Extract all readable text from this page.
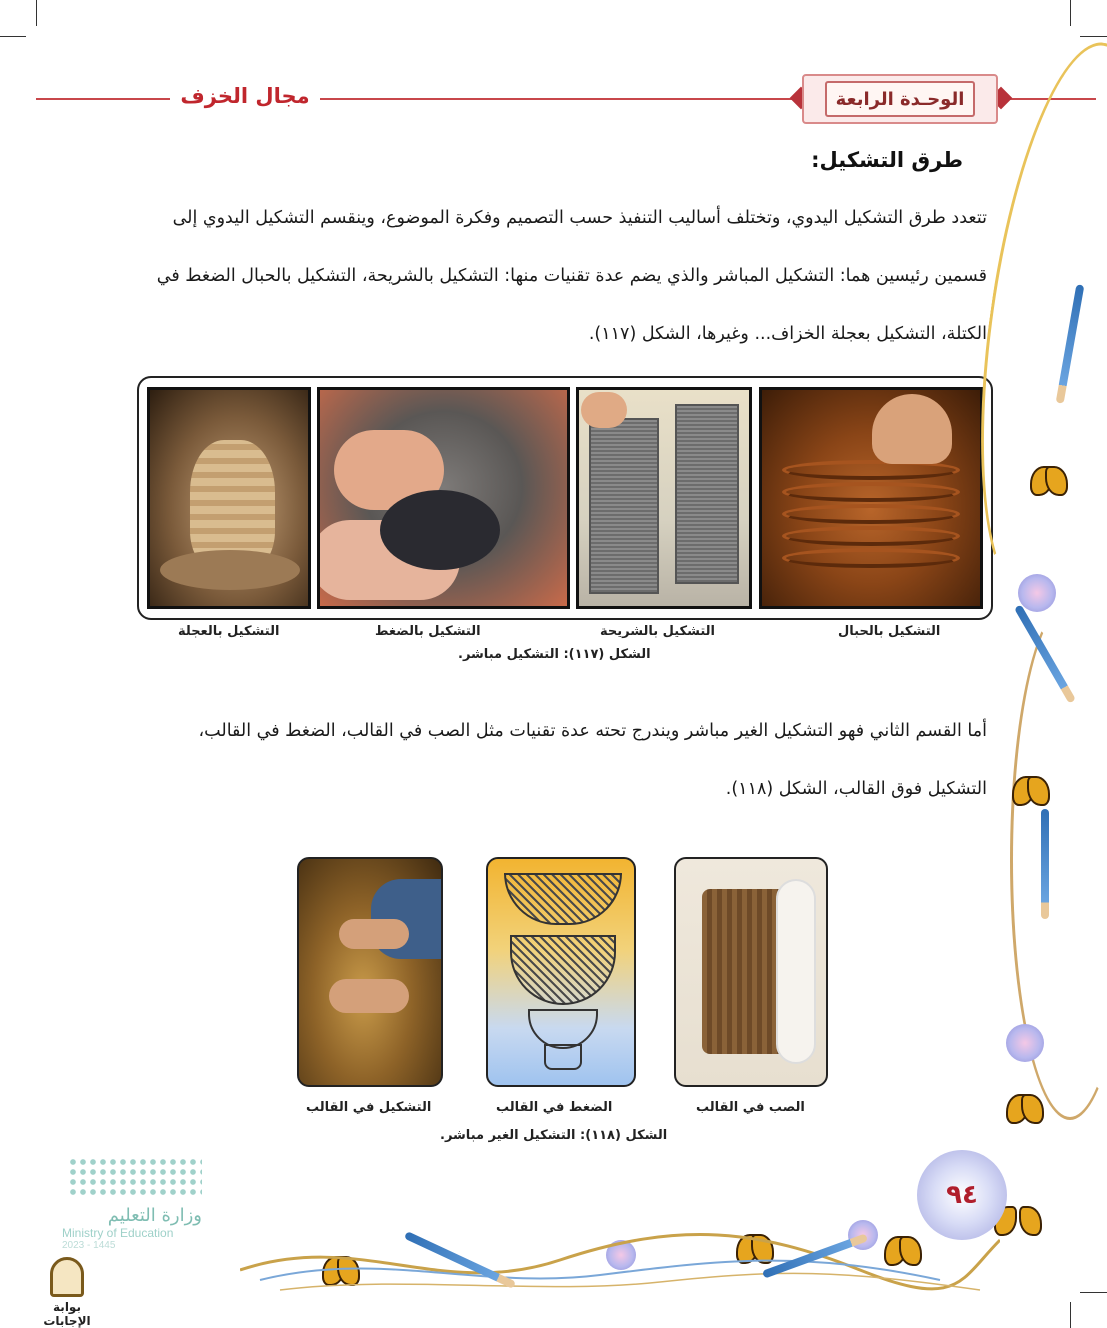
الوحـدة الرابعة
مجال الخزف
طرق التشكيل:

تتعدد طرق التشكيل اليدوي، وتختلف أساليب التنفيذ حسب التصميم وفكرة الموضوع، وينقسم التشكيل اليدوي إلى قسمين رئيسين هما: التشكيل المباشر والذي يضم عدة تقنيات منها: التشكيل بالشريحة، التشكيل بالحبال الضغط في الكتلة، التشكيل بعجلة الخزاف... وغيرها، الشكل (١١٧).

التشكيل بالحبال
التشكيل بالشريحة
التشكيل بالضغط
التشكيل بالعجلة
الشكل (١١٧): التشكيل مباشر.

أما القسم الثاني فهو التشكيل الغير مباشر ويندرج تحته عدة تقنيات مثل الصب في القالب، الضغط في القالب، التشكيل فوق القالب، الشكل (١١٨).

الصب في القالب
الضغط في القالب
التشكيل في القالب
الشكل (١١٨): التشكيل الغير مباشر.
٩٤
وزارة التعليم
Ministry of Education
2023 - 1445
بوابة الإجابات
